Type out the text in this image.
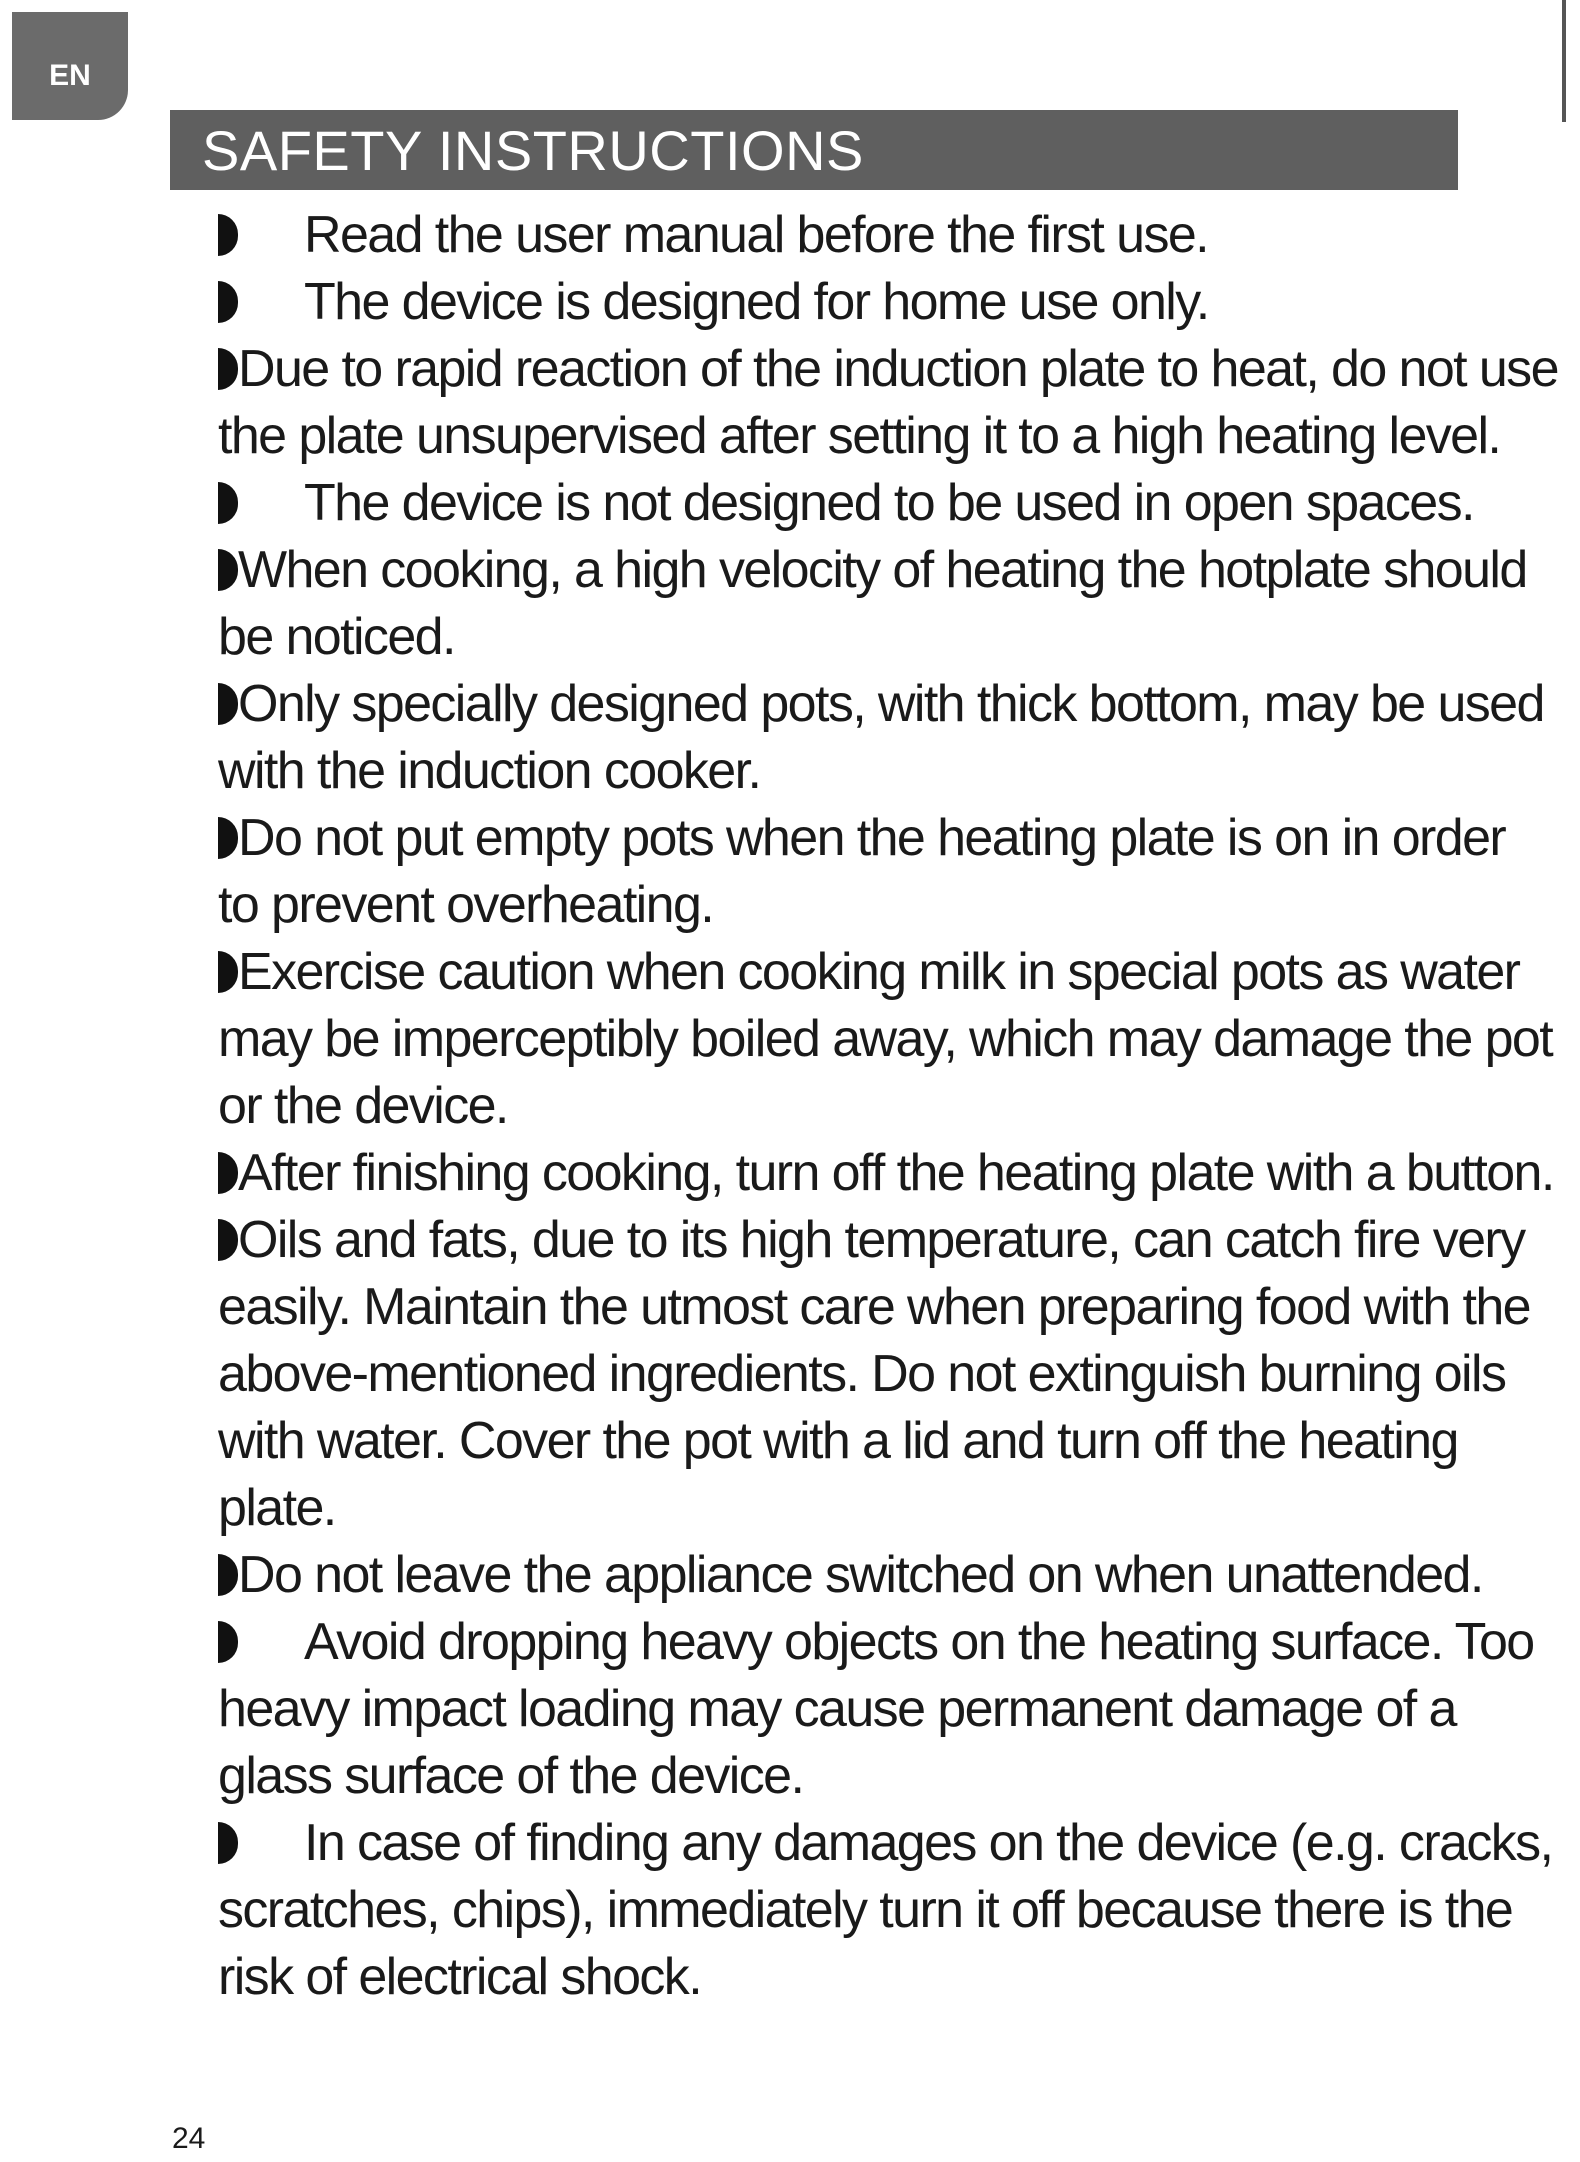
EN
SAFETY INSTRUCTIONS
Read the user manual before the first use.
The device is designed for home use only.
Due to rapid reaction of the induction plate to heat, do not use the plate unsupervised after setting it to a high heating level.
The device is not designed to be used in open spaces.
When cooking, a high velocity of heating the hotplate should be noticed.
Only specially designed pots, with thick bottom, may be used with the induction cooker.
Do not put empty pots when the heating plate is on in order to prevent overheating.
Exercise caution when cooking milk in special pots as water may be imperceptibly boiled away, which may damage the pot or the device.
After finishing cooking, turn off the heating plate with a button.
Oils and fats, due to its high temperature, can catch fire very easily. Maintain the utmost care when preparing food with the above-mentioned ingredients. Do not extinguish burning oils with water. Cover the pot with a lid and turn off the heating plate.
Do not leave the appliance switched on when unattended.
Avoid dropping heavy objects on the heating surface. Too heavy impact loading may cause permanent damage of a glass surface of the device.
In case of finding any damages on the device (e.g. cracks, scratches, chips), immediately turn it off because there is the risk of electrical shock.
24
